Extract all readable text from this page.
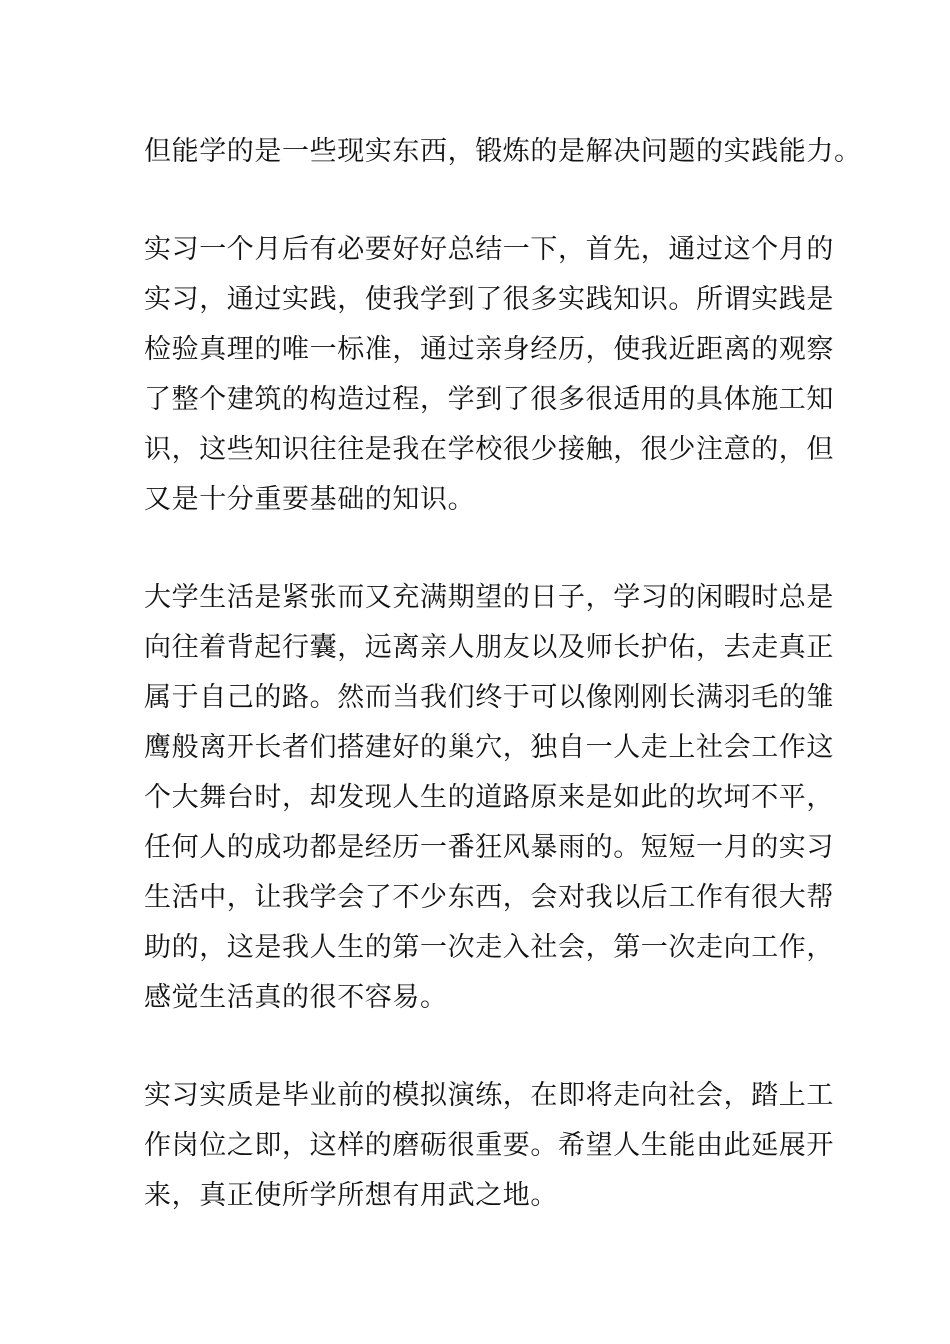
但能学的是一些现实东西，锻炼的是解决问题的实践能力。
实习一个月后有必要好好总结一下，首先，通过这个月的
实习，通过实践，使我学到了很多实践知识。所谓实践是
检验真理的唯一标准，通过亲身经历，使我近距离的观察
了整个建筑的构造过程，学到了很多很适用的具体施工知
识，这些知识往往是我在学校很少接触，很少注意的，但
又是十分重要基础的知识。
大学生活是紧张而又充满期望的日子，学习的闲暇时总是
向往着背起行囊，远离亲人朋友以及师长护佑，去走真正
属于自己的路。然而当我们终于可以像刚刚长满羽毛的雏
鹰般离开长者们搭建好的巢穴，独自一人走上社会工作这
个大舞台时，却发现人生的道路原来是如此的坎坷不平，
任何人的成功都是经历一番狂风暴雨的。短短一月的实习
生活中，让我学会了不少东西，会对我以后工作有很大帮
助的，这是我人生的第一次走入社会，第一次走向工作，
感觉生活真的很不容易。
实习实质是毕业前的模拟演练，在即将走向社会，踏上工
作岗位之即，这样的磨砺很重要。希望人生能由此延展开
来，真正使所学所想有用武之地。
